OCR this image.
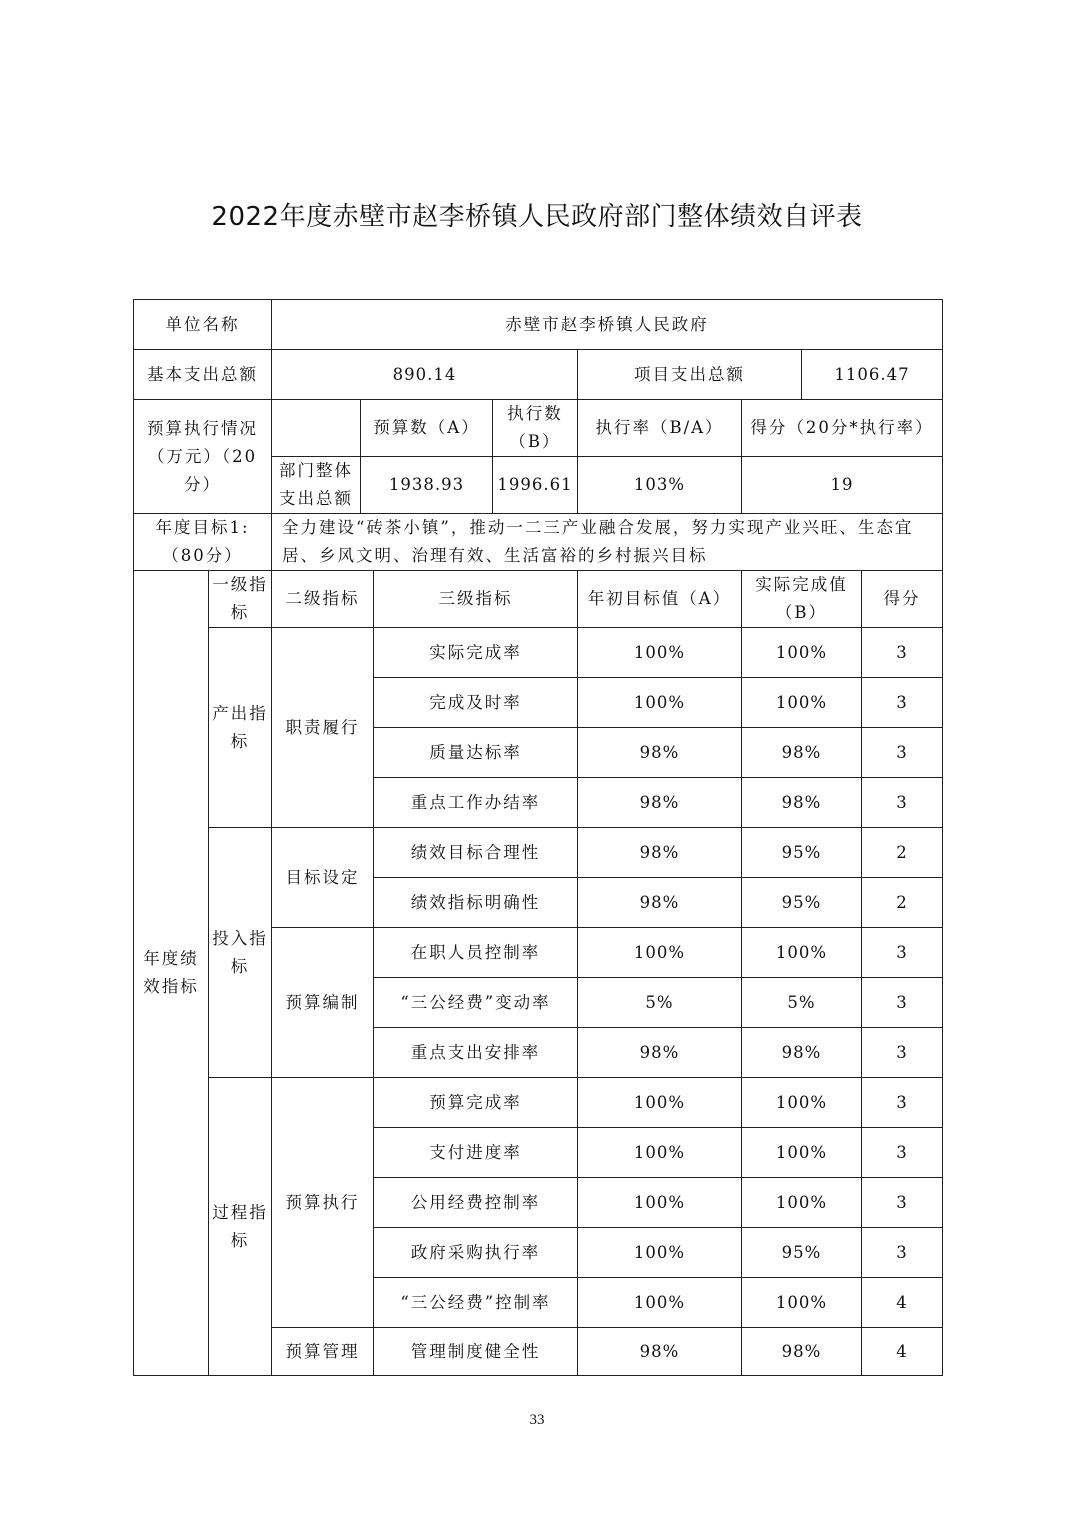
2022年度赤壁市赵李桥镇人民政府部门整体绩效自评表
单位名称		赤壁市赵李桥镇人民政府							
基本支出总额		890.14				项目支出总额		1106.47	
预算执行情况（万元）（20分）			预算数（A）		执行数（B）	执行率（B/A）	得分（20分*执行率）		
		部门整体支出总额	1938.93		1996.61	103%	19		
年度目标1:（80分）		全力建设“砖茶小镇”，推动一二三产业融合发展，努力实现产业兴旺、生态宜居、乡风文明、治理有效、生活富裕的乡村振兴目标							
年度绩效指标	一级指标	二级指标		三级指标		年初目标值（A）	实际完成值（B）		得分
	产出指标	职责履行		实际完成率		100%	100%		3
				完成及时率		100%	100%		3
				质量达标率		98%	98%		3
				重点工作办结率		98%	98%		3
	投入指标	目标设定		绩效目标合理性		98%	95%		2
				绩效指标明确性		98%	95%		2
		预算编制		在职人员控制率		100%	100%		3
				“三公经费”变动率		5%	5%		3
				重点支出安排率		98%	98%		3
	过程指标	预算执行		预算完成率		100%	100%		3
				支付进度率		100%	100%		3
				公用经费控制率		100%	100%		3
				政府采购执行率		100%	95%		3
				“三公经费”控制率		100%	100%		4
		预算管理		管理制度健全性		98%	98%		4
33
